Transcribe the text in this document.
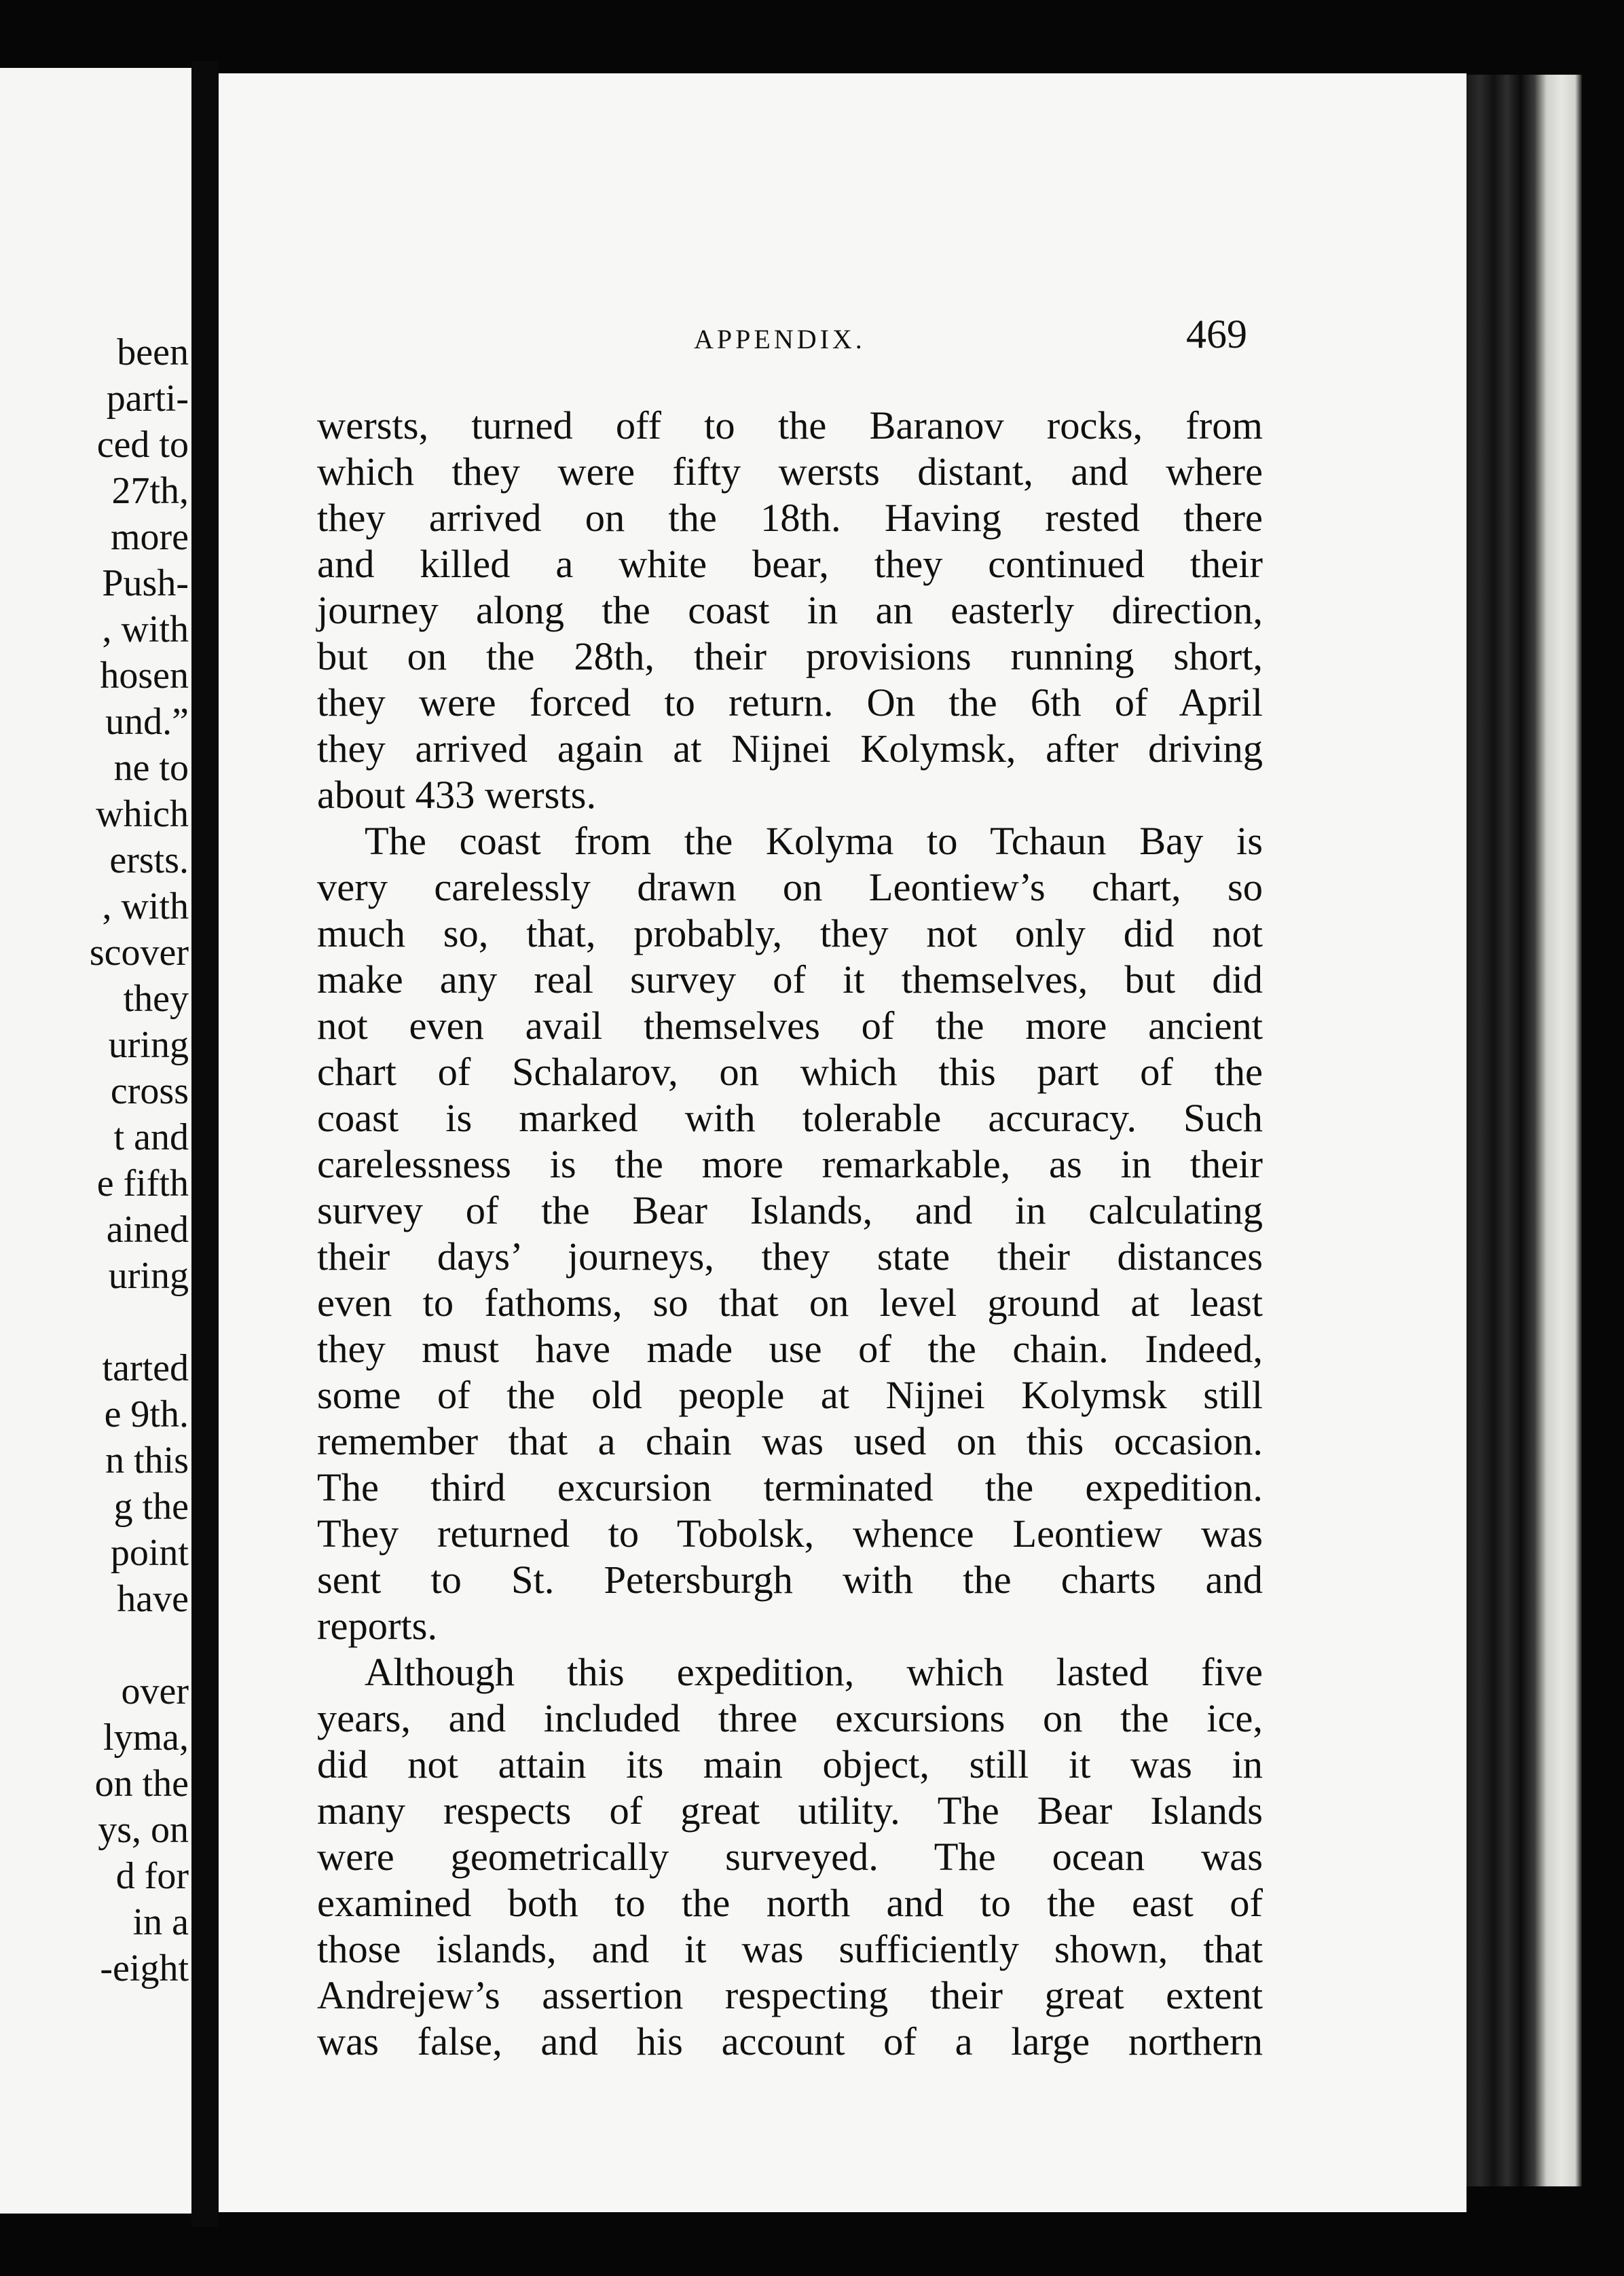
been
parti-
ced to
27th,
more
Push-
, with
hosen
und.”
ne to
which
ersts.
, with
scover
they
uring
cross
t and
e fifth
ained
uring
tarted
e 9th.
n this
g the
point
have
over
lyma,
on the
ys, on
d for
in a
-eight
APPENDIX.	469
wersts, turned off to the Baranov rocks, from
which they were fifty wersts distant, and where
they arrived on the 18th. Having rested there
and killed a white bear, they continued their
journey along the coast in an easterly direction,
but on the 28th, their provisions running short,
they were forced to return. On the 6th of April
they arrived again at Nijnei Kolymsk, after driving
about 433 wersts.
The coast from the Kolyma to Tchaun Bay is
very carelessly drawn on Leontiew’s chart, so
much so, that, probably, they not only did not
make any real survey of it themselves, but did
not even avail themselves of the more ancient
chart of Schalarov, on which this part of the
coast is marked with tolerable accuracy. Such
carelessness is the more remarkable, as in their
survey of the Bear Islands, and in calculating
their days’ journeys, they state their distances
even to fathoms, so that on level ground at least
they must have made use of the chain. Indeed,
some of the old people at Nijnei Kolymsk still
remember that a chain was used on this occasion.
The third excursion terminated the expedition.
They returned to Tobolsk, whence Leontiew was
sent to St. Petersburgh with the charts and
reports.
Although this expedition, which lasted five
years, and included three excursions on the ice,
did not attain its main object, still it was in
many respects of great utility. The Bear Islands
were geometrically surveyed. The ocean was
examined both to the north and to the east of
those islands, and it was sufficiently shown, that
Andrejew’s assertion respecting their great extent
was false, and his account of a large northern
